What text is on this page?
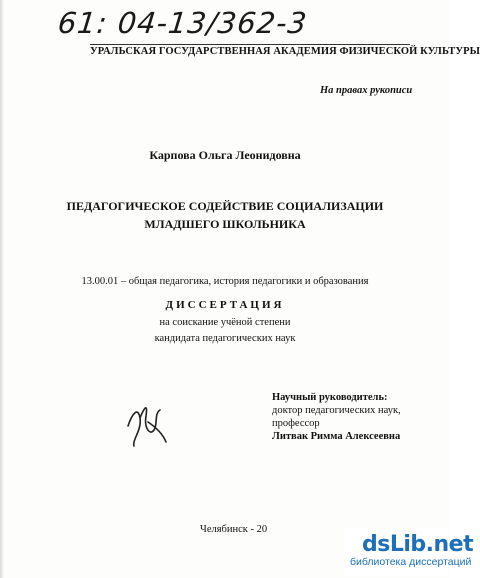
61: 04-13/362-3
УРАЛЬСКАЯ ГОСУДАРСТВЕННАЯ АКАДЕМИЯ ФИЗИЧЕСКОЙ КУЛЬТУРЫ
На правах рукописи
Карпова Ольга Леонидовна
ПЕДАГОГИЧЕСКОЕ СОДЕЙСТВИЕ СОЦИАЛИЗАЦИИ
МЛАДШЕГО ШКОЛЬНИКА
13.00.01 – общая педагогика, история педагогики и образования
ДИССЕРТАЦИЯ
на соискание учёной степени
кандидата педагогических наук
Научный руководитель:
доктор педагогических наук,
профессор
Литвак Римма Алексеевна
Челябинск - 20
dsLib.net
библиотека диссертаций
